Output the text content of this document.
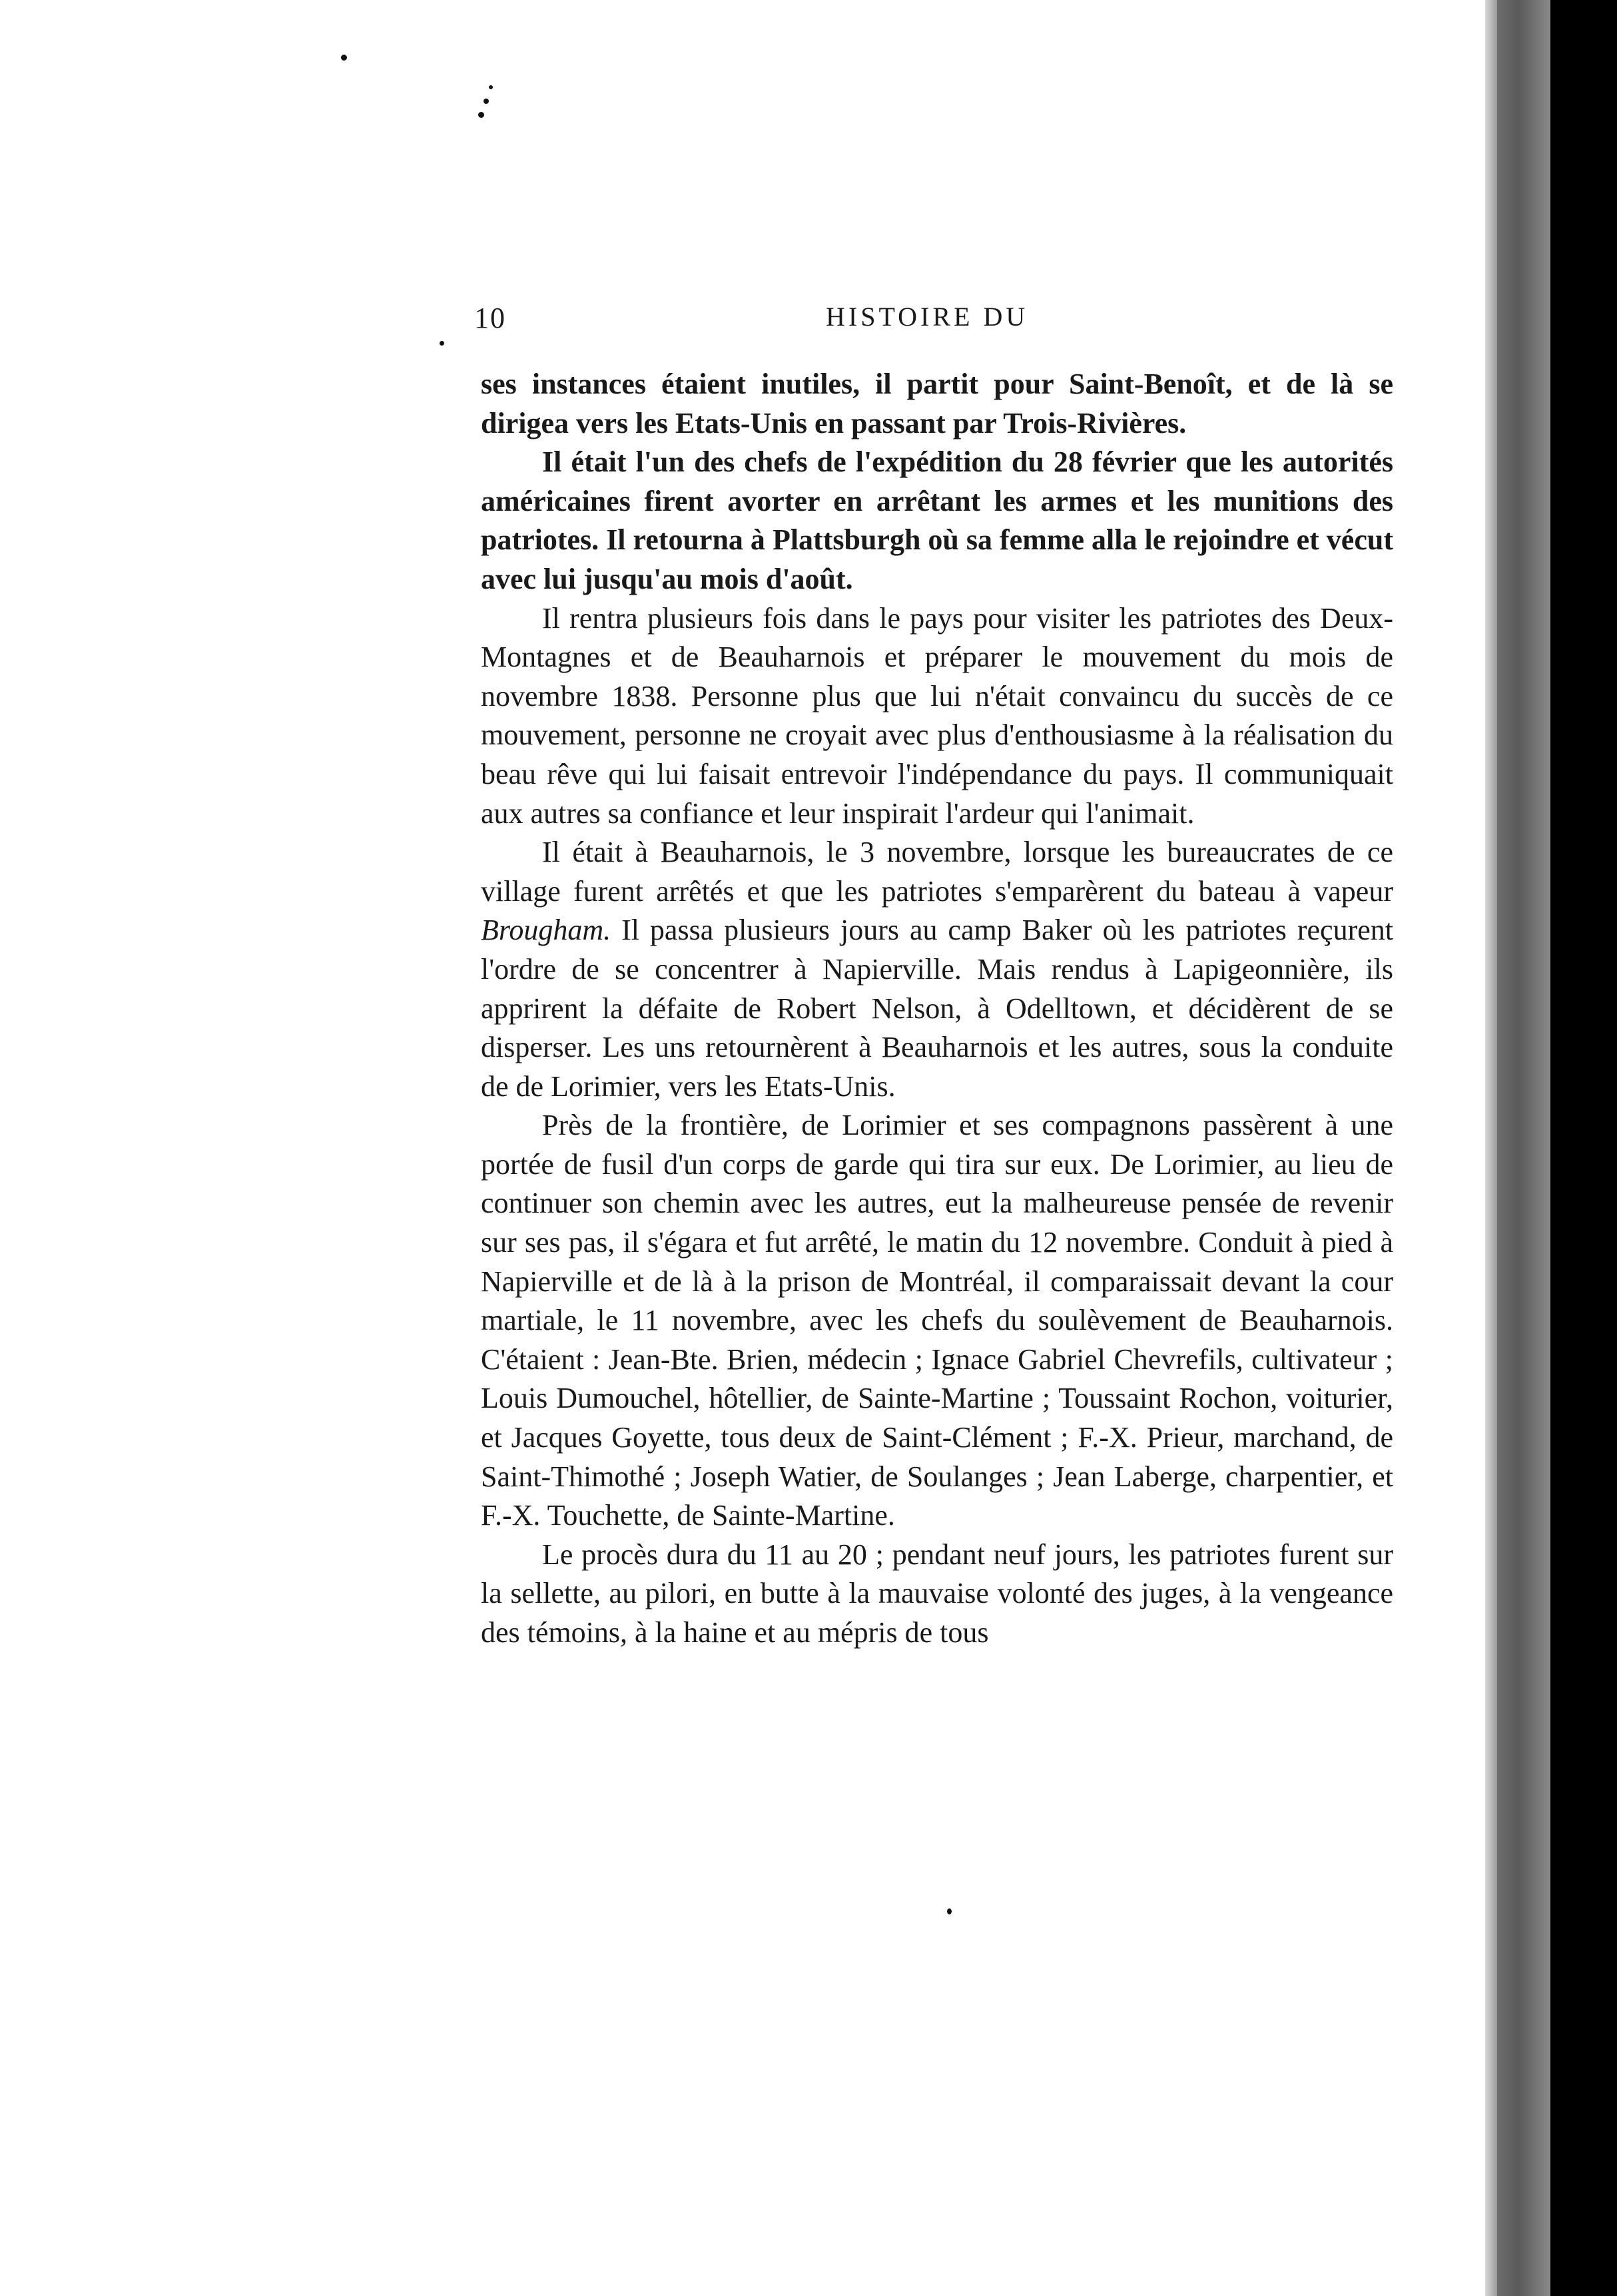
10	HISTOIRE DU

ses instances étaient inutiles, il partit pour Saint-Benoît, et de là se dirigea vers les Etats-Unis en passant par Trois-Rivières.

Il était l'un des chefs de l'expédition du 28 février que les autorités américaines firent avorter en arrêtant les armes et les munitions des patriotes. Il retourna à Plattsburgh où sa femme alla le rejoindre et vécut avec lui jusqu'au mois d'août.

Il rentra plusieurs fois dans le pays pour visiter les patriotes des Deux-Montagnes et de Beauharnois et préparer le mouvement du mois de novembre 1838. Personne plus que lui n'était convaincu du succès de ce mouvement, personne ne croyait avec plus d'enthousiasme à la réalisation du beau rêve qui lui faisait entrevoir l'indépendance du pays. Il communiquait aux autres sa confiance et leur inspirait l'ardeur qui l'animait.

Il était à Beauharnois, le 3 novembre, lorsque les bureaucrates de ce village furent arrêtés et que les patriotes s'emparèrent du bateau à vapeur Brougham. Il passa plusieurs jours au camp Baker où les patriotes reçurent l'ordre de se concentrer à Napierville. Mais rendus à Lapigeonnière, ils apprirent la défaite de Robert Nelson, à Odelltown, et décidèrent de se disperser. Les uns retournèrent à Beauharnois et les autres, sous la conduite de de Lorimier, vers les Etats-Unis.

Près de la frontière, de Lorimier et ses compagnons passèrent à une portée de fusil d'un corps de garde qui tira sur eux. De Lorimier, au lieu de continuer son chemin avec les autres, eut la malheureuse pensée de revenir sur ses pas, il s'égara et fut arrêté, le matin du 12 novembre. Conduit à pied à Napierville et de là à la prison de Montréal, il comparaissait devant la cour martiale, le 11 novembre, avec les chefs du soulèvement de Beauharnois. C'étaient : Jean-Bte. Brien, médecin ; Ignace Gabriel Chevrefils, cultivateur ; Louis Dumouchel, hôtellier, de Sainte-Martine ; Toussaint Rochon, voiturier, et Jacques Goyette, tous deux de Saint-Clément ; F.-X. Prieur, marchand, de Saint-Thimothé ; Joseph Watier, de Soulanges ; Jean Laberge, charpentier, et F.-X. Touchette, de Sainte-Martine.

Le procès dura du 11 au 20 ; pendant neuf jours, les patriotes furent sur la sellette, au pilori, en butte à la mauvaise volonté des juges, à la vengeance des témoins, à la haine et au mépris de tous
